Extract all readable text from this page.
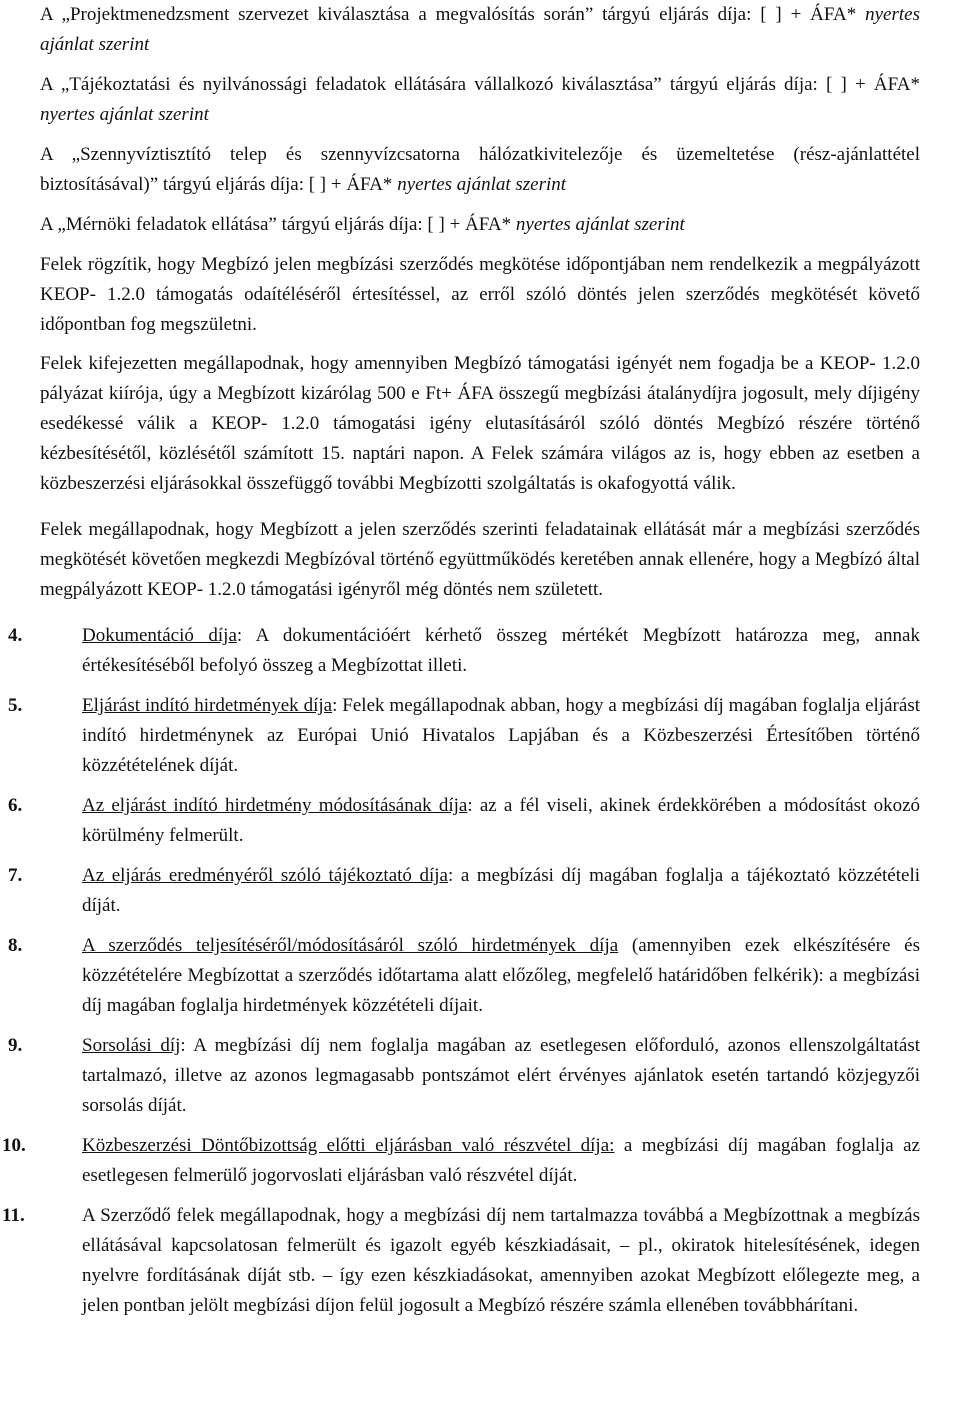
A „Projektmenedzsment szervezet kiválasztása a megvalósítás során” tárgyú eljárás díja: [ ] + ÁFA* nyertes ajánlat szerint

A „Tájékoztatási és nyilvánossági feladatok ellátására vállalkozó kiválasztása” tárgyú eljárás díja: [ ] + ÁFA* nyertes ajánlat szerint

A „Szennyvíztisztító telep és szennyvízcsatorna hálózatkivitelezője és üzemeltetése (rész-ajánlattétel biztosításával)” tárgyú eljárás díja: [ ] + ÁFA* nyertes ajánlat szerint

A „Mérnöki feladatok ellátása” tárgyú eljárás díja: [ ] + ÁFA* nyertes ajánlat szerint

Felek rögzítik, hogy Megbízó jelen megbízási szerződés megkötése időpontjában nem rendelkezik a megpályázott KEOP- 1.2.0 támogatás odaítéléséről értesítéssel, az erről szóló döntés jelen szerződés megkötését követő időpontban fog megszületni.

Felek kifejezetten megállapodnak, hogy amennyiben Megbízó támogatási igényét nem fogadja be a KEOP- 1.2.0 pályázat kiírója, úgy a Megbízott kizárólag 500 e Ft+ ÁFA összegű megbízási átalánydíjra jogosult, mely díjigény esedékessé válik a KEOP- 1.2.0 támogatási igény elutasításáról szóló döntés Megbízó részére történő kézbesítésétől, közlésétől számított 15. naptári napon. A Felek számára világos az is, hogy ebben az esetben a közbeszerzési eljárásokkal összefüggő további Megbízotti szolgáltatás is okafogyottá válik.

Felek megállapodnak, hogy Megbízott a jelen szerződés szerinti feladatainak ellátását már a megbízási szerződés megkötését követően megkezdi Megbízóval történő együttműködés keretében annak ellenére, hogy a Megbízó által megpályázott KEOP- 1.2.0 támogatási igényről még döntés nem született.

4.	Dokumentáció díja: A dokumentációért kérhető összeg mértékét Megbízott határozza meg, annak értékesítéséből befolyó összeg a Megbízottat illeti.

5.	Eljárást indító hirdetmények díja: Felek megállapodnak abban, hogy a megbízási díj magában foglalja eljárást indító hirdetménynek az Európai Unió Hivatalos Lapjában és a Közbeszerzési Értesítőben történő közzétételének díját.

6.	Az eljárást indító hirdetmény módosításának díja: az a fél viseli, akinek érdekkörében a módosítást okozó körülmény felmerült.

7.	Az eljárás eredményéről szóló tájékoztató díja: a megbízási díj magában foglalja a tájékoztató közzétételi díját.

8.	A szerződés teljesítéséről/módosításáról szóló hirdetmények díja (amennyiben ezek elkészítésére és közzétételére Megbízottat a szerződés időtartama alatt előzőleg, megfelelő határidőben felkérik): a megbízási díj magában foglalja hirdetmények közzétételi díjait.

9.	Sorsolási díj: A megbízási díj nem foglalja magában az esetlegesen előforduló, azonos ellenszolgáltatást tartalmazó, illetve az azonos legmagasabb pontszámot elért érvényes ajánlatok esetén tartandó közjegyzői sorsolás díját.

10.	Közbeszerzési Döntőbizottság előtti eljárásban való részvétel díja: a megbízási díj magában foglalja az esetlegesen felmerülő jogorvoslati eljárásban való részvétel díját.

11.	A Szerződő felek megállapodnak, hogy a megbízási díj nem tartalmazza továbbá a Megbízottnak a megbízás ellátásával kapcsolatosan felmerült és igazolt egyéb készkiadásait, – pl., okiratok hitelesítésének, idegen nyelvre fordításának díját stb. – így ezen készkiadásokat, amennyiben azokat Megbízott előlegezte meg, a jelen pontban jelölt megbízási díjon felül jogosult a Megbízó részére számla ellenében továbbhárítani.
